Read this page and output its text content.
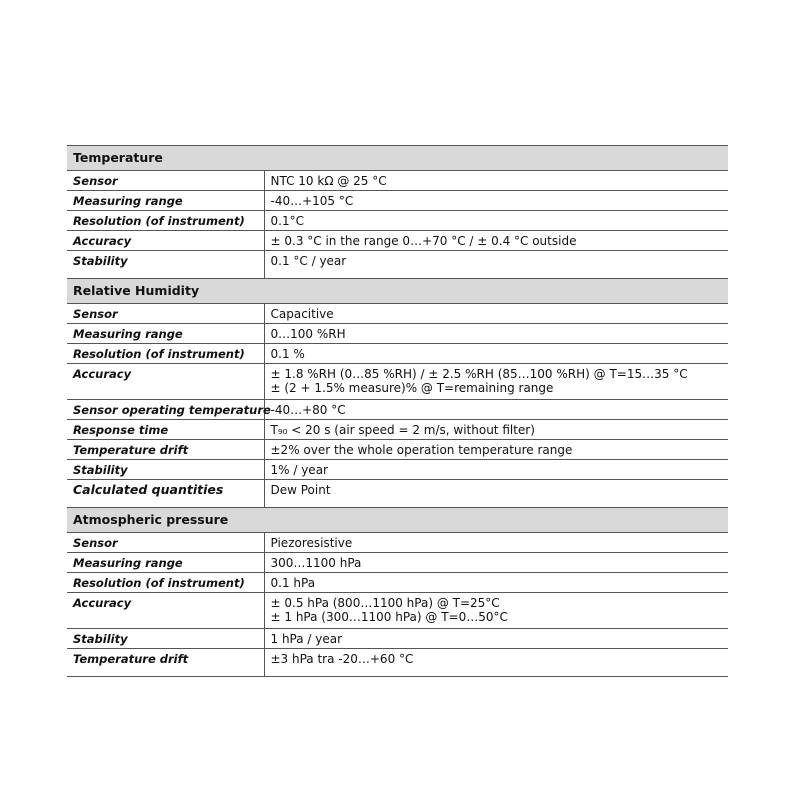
Temperature	
Sensor	NTC 10 kΩ @ 25 °C

Measuring range	-40…+105 °C

Resolution (of instrument)	0.1°C

Accuracy	± 0.3 °C in the range 0…+70 °C / ± 0.4 °C outside

Stability	0.1 °C / year

Relative Humidity	
Sensor	Capacitive

Measuring range	0…100 %RH

Resolution (of instrument)	0.1 %

Accuracy	± 1.8 %RH (0…85 %RH) / ± 2.5 %RH (85…100 %RH) @ T=15…35 °C
± (2 + 1.5% measure)% @ T=remaining range

Sensor operating temperature	-40…+80 °C

Response time	T₉₀ < 20 s (air speed = 2 m/s, without filter)

Temperature drift	±2% over the whole operation temperature range

Stability	1% / year

Calculated quantities	Dew Point

Atmospheric pressure	
Sensor	Piezoresistive

Measuring range	300…1100 hPa

Resolution (of instrument)	0.1 hPa

Accuracy	± 0.5 hPa (800…1100 hPa) @ T=25°C
± 1 hPa (300…1100 hPa) @ T=0…50°C

Stability	1 hPa / year

Temperature drift	±3 hPa tra -20…+60 °C
